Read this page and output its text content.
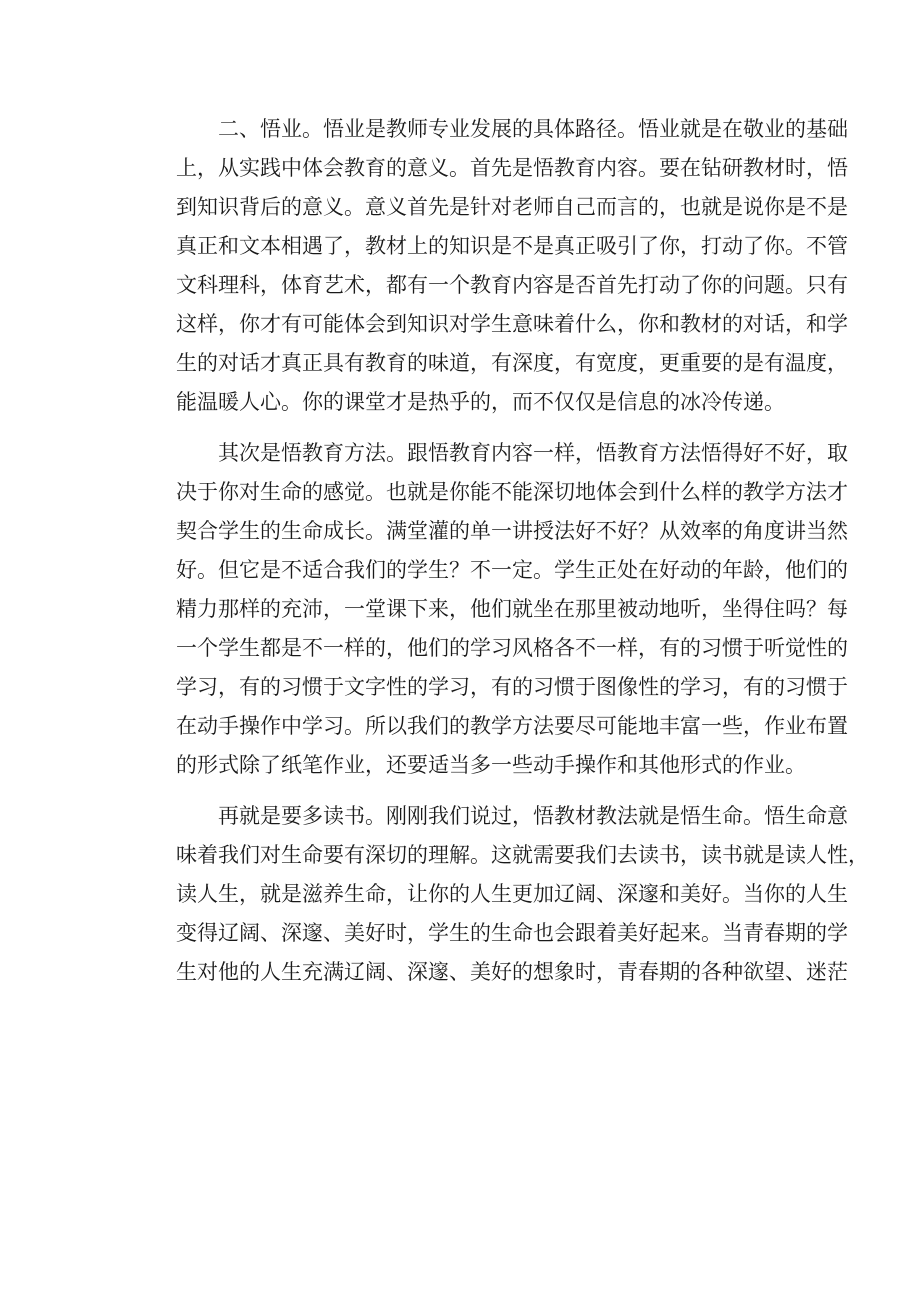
二、悟业。悟业是教师专业发展的具体路径。悟业就是在敬业的基础
上，从实践中体会教育的意义。首先是悟教育内容。要在钻研教材时，悟
到知识背后的意义。意义首先是针对老师自己而言的，也就是说你是不是
真正和文本相遇了，教材上的知识是不是真正吸引了你，打动了你。不管
文科理科，体育艺术，都有一个教育内容是否首先打动了你的问题。只有
这样，你才有可能体会到知识对学生意味着什么，你和教材的对话，和学
生的对话才真正具有教育的味道，有深度，有宽度，更重要的是有温度，
能温暖人心。你的课堂才是热乎的，而不仅仅是信息的冰冷传递。
其次是悟教育方法。跟悟教育内容一样，悟教育方法悟得好不好，取
决于你对生命的感觉。也就是你能不能深切地体会到什么样的教学方法才
契合学生的生命成长。满堂灌的单一讲授法好不好？从效率的角度讲当然
好。但它是不适合我们的学生？不一定。学生正处在好动的年龄，他们的
精力那样的充沛，一堂课下来，他们就坐在那里被动地听，坐得住吗？每
一个学生都是不一样的，他们的学习风格各不一样，有的习惯于听觉性的
学习，有的习惯于文字性的学习，有的习惯于图像性的学习，有的习惯于
在动手操作中学习。所以我们的教学方法要尽可能地丰富一些，作业布置
的形式除了纸笔作业，还要适当多一些动手操作和其他形式的作业。
再就是要多读书。刚刚我们说过，悟教材教法就是悟生命。悟生命意
味着我们对生命要有深切的理解。这就需要我们去读书，读书就是读人性，
读人生，就是滋养生命，让你的人生更加辽阔、深邃和美好。当你的人生
变得辽阔、深邃、美好时，学生的生命也会跟着美好起来。当青春期的学
生对他的人生充满辽阔、深邃、美好的想象时，青春期的各种欲望、迷茫
